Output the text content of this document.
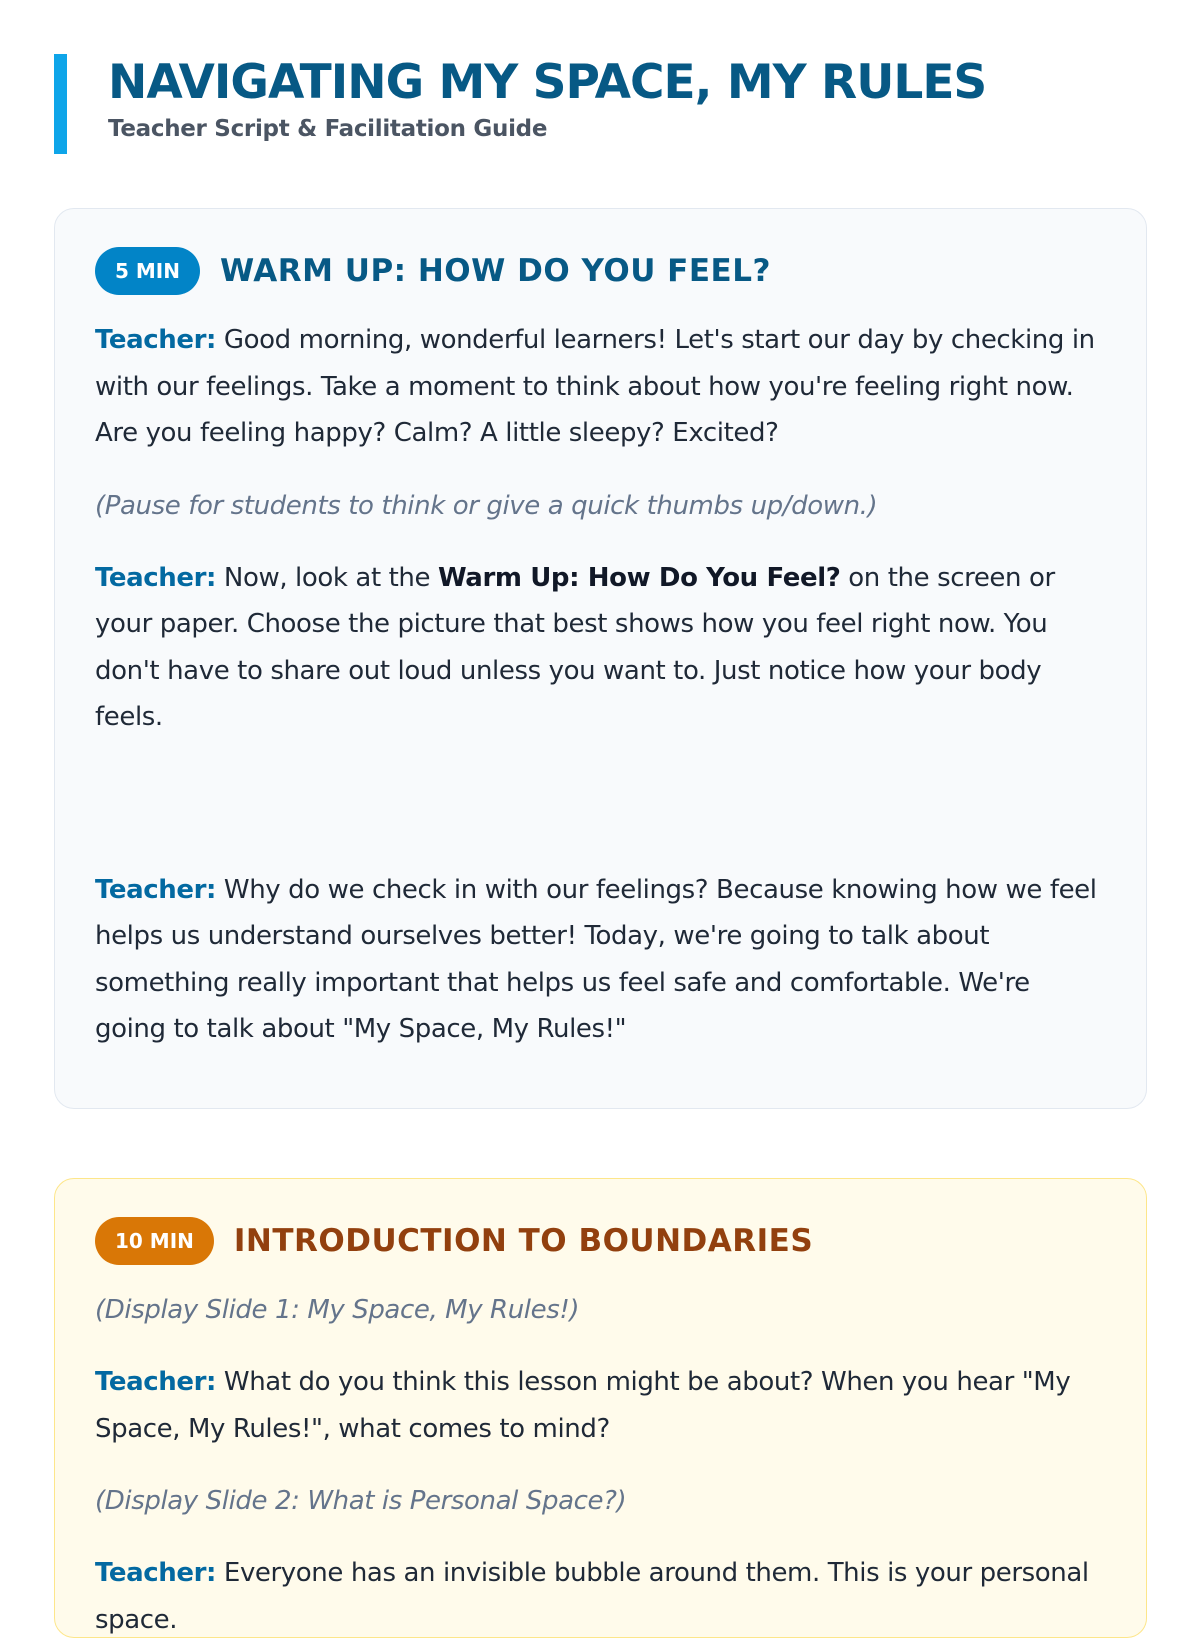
NAVIGATING MY SPACE, MY RULES
Teacher Script & Facilitation Guide
5 MIN	WARM UP: HOW DO YOU FEEL?

Teacher: Good morning, wonderful learners! Let's start our day by checking in with our feelings. Take a moment to think about how you're feeling right now. Are you feeling happy? Calm? A little sleepy? Excited?

(Pause for students to think or give a quick thumbs up/down.)

Teacher: Now, look at the Warm Up: How Do You Feel? on the screen or your paper. Choose the picture that best shows how you feel right now. You don't have to share out loud unless you want to. Just notice how your body feels.

Teacher: Why do we check in with our feelings? Because knowing how we feel helps us understand ourselves better! Today, we're going to talk about something really important that helps us feel safe and comfortable. We're going to talk about "My Space, My Rules!"

10 MIN	INTRODUCTION TO BOUNDARIES

(Display Slide 1: My Space, My Rules!)

Teacher: What do you think this lesson might be about? When you hear "My Space, My Rules!", what comes to mind?

(Display Slide 2: What is Personal Space?)

Teacher: Everyone has an invisible bubble around them. This is your personal space.
